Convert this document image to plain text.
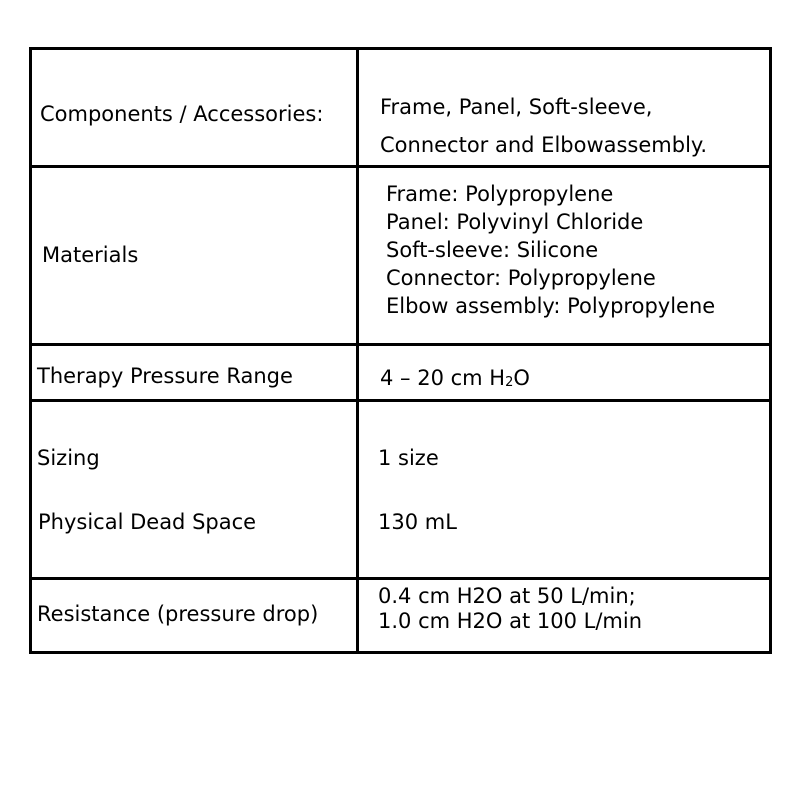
Components / Accessories:	Frame, Panel, Soft-sleeve,
Connector and Elbowassembly.
Materials
Frame: Polypropylene
Panel: Polyvinyl Chloride
Soft-sleeve: Silicone
Connector: Polypropylene
Elbow assembly: Polypropylene
Therapy Pressure Range	4 – 20 cm H2O
Sizing
Physical Dead Space
1 size
130 mL
Resistance (pressure drop)
0.4 cm H2O at 50 L/min;
1.0 cm H2O at 100 L/min
